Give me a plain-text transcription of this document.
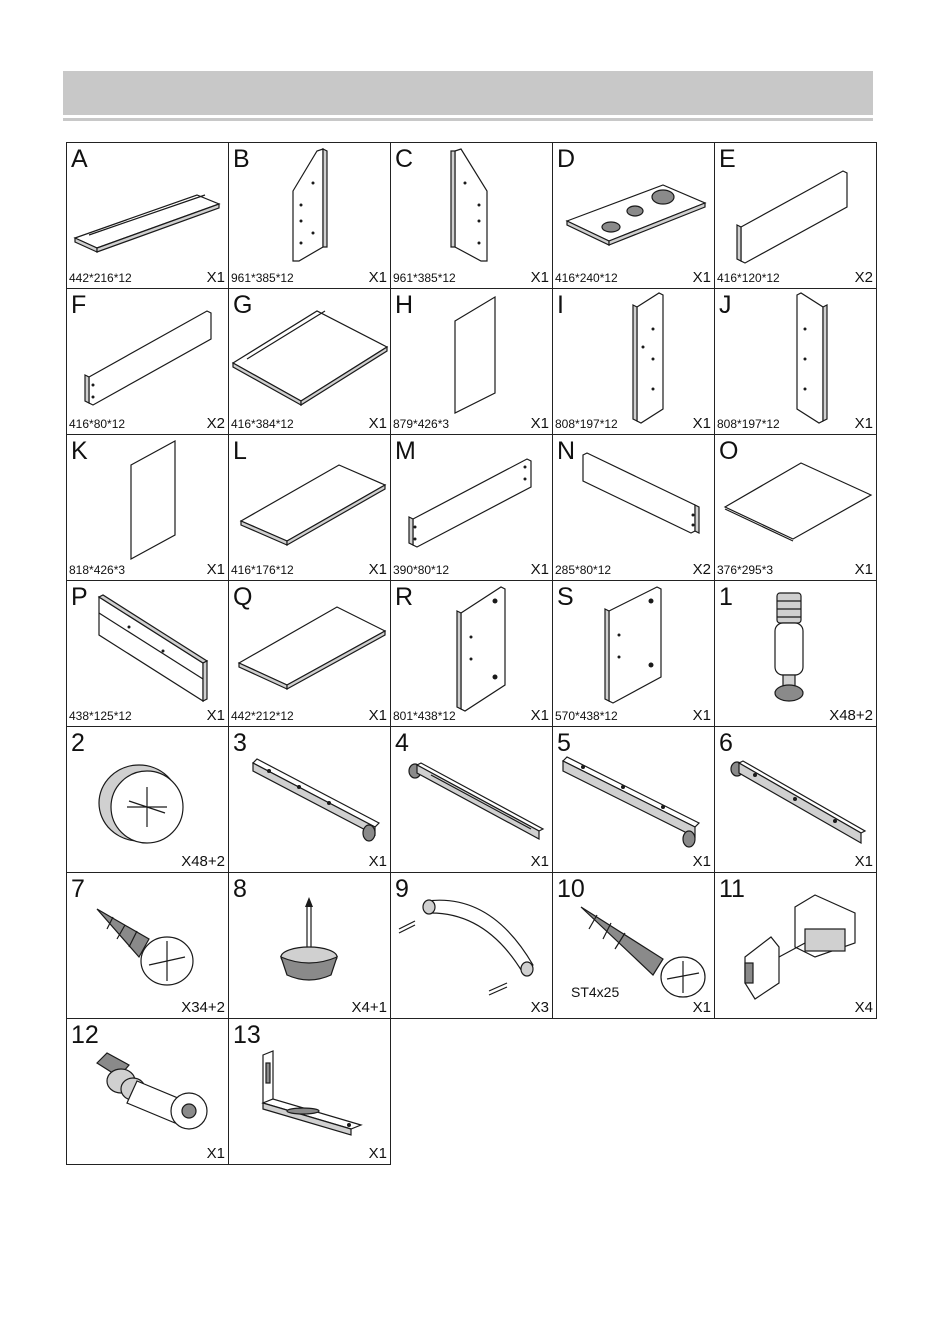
A
442*216*12	X1
B
961*385*12	X1
C
961*385*12	X1
D
416*240*12	X1
E
416*120*12	X2
F
416*80*12	X2
G
416*384*12	X1
H
879*426*3	X1
I
808*197*12	X1
J
808*197*12	X1
K
818*426*3	X1
L
416*176*12	X1
M
390*80*12	X1
N
285*80*12	X2
O
376*295*3	X1
P
438*125*12	X1
Q
442*212*12	X1
R
801*438*12	X1
S
570*438*12	X1
1
X48+2
2
X48+2
3
X1
4
X1
5
X1
6
X1
7
X34+2
8
X4+1
9
X3
10
ST4x25
X1
11
X4
12
X1
13
X1
